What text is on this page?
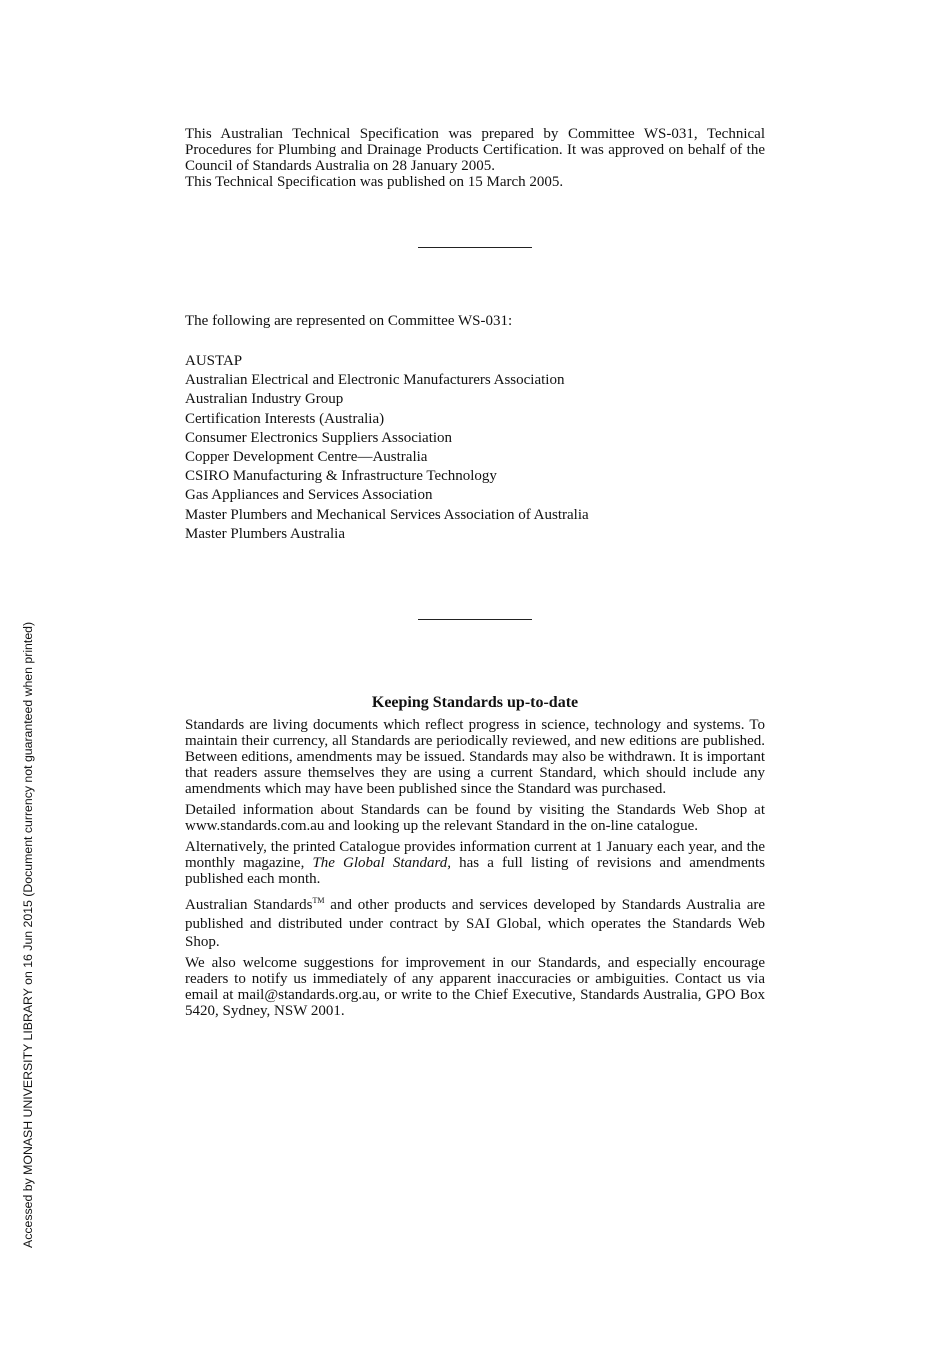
This Australian Technical Specification was prepared by Committee WS-031, Technical Procedures for Plumbing and Drainage Products Certification. It was approved on behalf of the Council of Standards Australia on 28 January 2005.

This Technical Specification was published on 15 March 2005.

The following are represented on Committee WS-031:

AUSTAP
Australian Electrical and Electronic Manufacturers Association
Australian Industry Group
Certification Interests (Australia)
Consumer Electronics Suppliers Association
Copper Development Centre—Australia
CSIRO Manufacturing & Infrastructure Technology
Gas Appliances and Services Association
Master Plumbers and Mechanical Services Association of Australia
Master Plumbers Australia
Keeping Standards up-to-date

Standards are living documents which reflect progress in science, technology and systems. To maintain their currency, all Standards are periodically reviewed, and new editions are published. Between editions, amendments may be issued. Standards may also be withdrawn. It is important that readers assure themselves they are using a current Standard, which should include any amendments which may have been published since the Standard was purchased.

Detailed information about Standards can be found by visiting the Standards Web Shop at www.standards.com.au and looking up the relevant Standard in the on-line catalogue.

Alternatively, the printed Catalogue provides information current at 1 January each year, and the monthly magazine, The Global Standard, has a full listing of revisions and amendments published each month.

Australian Standards™ and other products and services developed by Standards Australia are published and distributed under contract by SAI Global, which operates the Standards Web Shop.

We also welcome suggestions for improvement in our Standards, and especially encourage readers to notify us immediately of any apparent inaccuracies or ambiguities. Contact us via email at mail@standards.org.au, or write to the Chief Executive, Standards Australia, GPO Box 5420, Sydney, NSW 2001.

Accessed by MONASH UNIVERSITY LIBRARY on 16 Jun 2015 (Document currency not guaranteed when printed)
